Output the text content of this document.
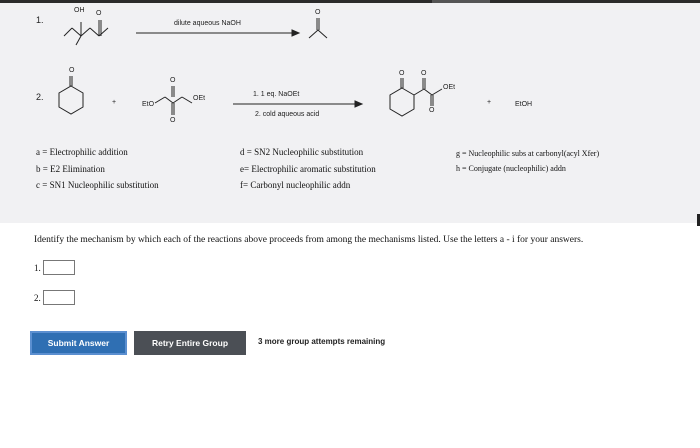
1.
OH O
dilute aqueous NaOH
O
2.
O
+
O
EtO
OEt
O
1. 1 eq. NaOEt
2. cold aqueous acid
O O
OEt
O
+	EtOH
a = Electrophilic addition
b = E2 Elimination
c = SN1 Nucleophilic substitution
d = SN2 Nucleophilic substitution
e= Electrophilic aromatic substitution
f= Carbonyl nucleophilic addn
g = Nucleophilic subs at carbonyl(acyl Xfer)
h = Conjugate (nucleophilic) addn
Identify the mechanism by which each of the reactions above proceeds from among the mechanisms listed. Use the letters a - i for your answers.
1.
2.
Submit Answer	Retry Entire Group	3 more group attempts remaining
